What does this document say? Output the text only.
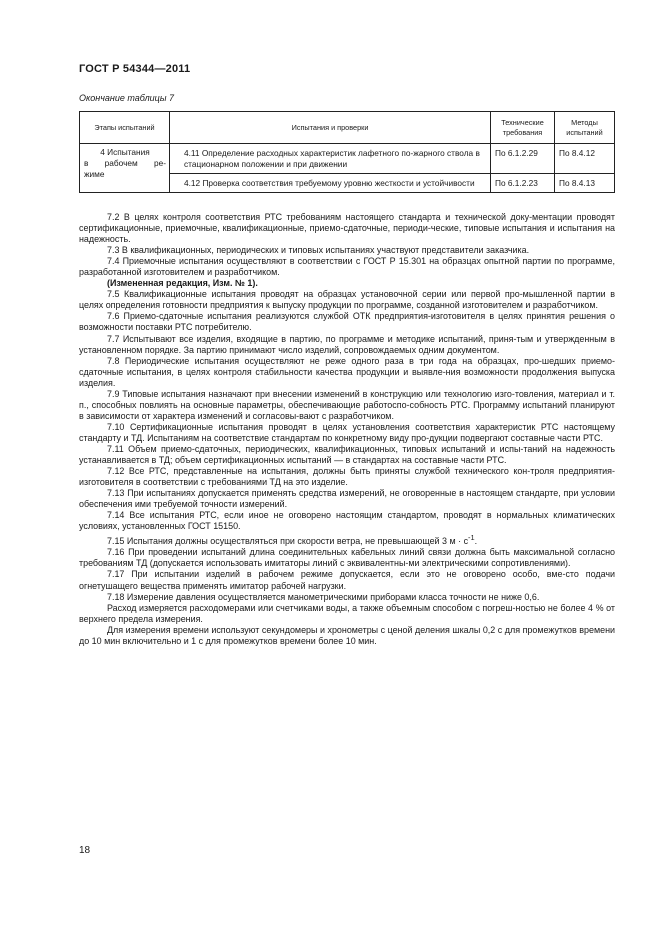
ГОСТ Р 54344—2011
Окончание таблицы 7
Этапы испытаний	Испытания и проверки	Технические требования	Методы испытаний

4 Испытания
в рабочем ре-
жиме	4.11 Определение расходных характеристик лафетного по-жарного ствола в стационарном положении и при движении	По 6.1.2.29	По 8.4.12
	4.12 Проверка соответствия требуемому уровню жесткости и устойчивости	По 6.1.2.23	По 8.4.13

7.2 В целях контроля соответствия РТС требованиям настоящего стандарта и технической доку-ментации проводят сертификационные, приемочные, квалификационные, приемо-сдаточные, периоди-ческие, типовые испытания и испытания на надежность.

7.3 В квалификационных, периодических и типовых испытаниях участвуют представители заказчика.

7.4 Приемочные испытания осуществляют в соответствии с ГОСТ Р 15.301 на образцах опытной партии по программе, разработанной изготовителем и разработчиком.

(Измененная редакция, Изм. № 1).

7.5 Квалификационные испытания проводят на образцах установочной серии или первой про-мышленной партии в целях определения готовности предприятия к выпуску продукции по программе, созданной изготовителем и разработчиком.

7.6 Приемо-сдаточные испытания реализуются службой ОТК предприятия-изготовителя в целях принятия решения о возможности поставки РТС потребителю.

7.7 Испытывают все изделия, входящие в партию, по программе и методике испытаний, приня-тым и утвержденным в установленном порядке. За партию принимают число изделий, сопровождаемых одним документом.

7.8 Периодические испытания осуществляют не реже одного раза в три года на образцах, про-шедших приемо-сдаточные испытания, в целях контроля стабильности качества продукции и выявле-ния возможности продолжения выпуска изделия.

7.9 Типовые испытания назначают при внесении изменений в конструкцию или технологию изго-товления, материал и т. п., способных повлиять на основные параметры, обеспечивающие работоспо-собность РТС. Программу испытаний планируют в зависимости от характера изменений и согласовы-вают с разработчиком.

7.10 Сертификационные испытания проводят в целях установления соответствия характеристик РТС настоящему стандарту и ТД. Испытаниям на соответствие стандартам по конкретному виду про-дукции подвергают составные части РТС.

7.11 Объем приемо-сдаточных, периодических, квалификационных, типовых испытаний и испы-таний на надежность устанавливается в ТД; объем сертификационных испытаний — в стандартах на составные части РТС.

7.12 Все РТС, представленные на испытания, должны быть приняты службой технического кон-троля предприятия-изготовителя в соответствии с требованиями ТД на это изделие.

7.13 При испытаниях допускается применять средства измерений, не оговоренные в настоящем стандарте, при условии обеспечения ими требуемой точности измерений.

7.14 Все испытания РТС, если иное не оговорено настоящим стандартом, проводят в нормальных климатических условиях, установленных ГОСТ 15150.

7.15 Испытания должны осуществляться при скорости ветра, не превышающей 3 $м \cdot с^{-1}$.

7.16 При проведении испытаний длина соединительных кабельных линий связи должна быть максимальной согласно требованиям ТД (допускается использовать имитаторы линий с эквивалентны-ми электрическими сопротивлениями).

7.17 При испытании изделий в рабочем режиме допускается, если это не оговорено особо, вме-сто подачи огнетушащего вещества применять имитатор рабочей нагрузки.

7.18 Измерение давления осуществляется манометрическими приборами класса точности не ниже 0,6.

Расход измеряется расходомерами или счетчиками воды, а также объемным способом с погреш-ностью не более 4 % от верхнего предела измерения.

Для измерения времени используют секундомеры и хронометры с ценой деления шкалы 0,2 с для промежутков времени до 10 мин включительно и 1 с для промежутков времени более 10 мин.

18
